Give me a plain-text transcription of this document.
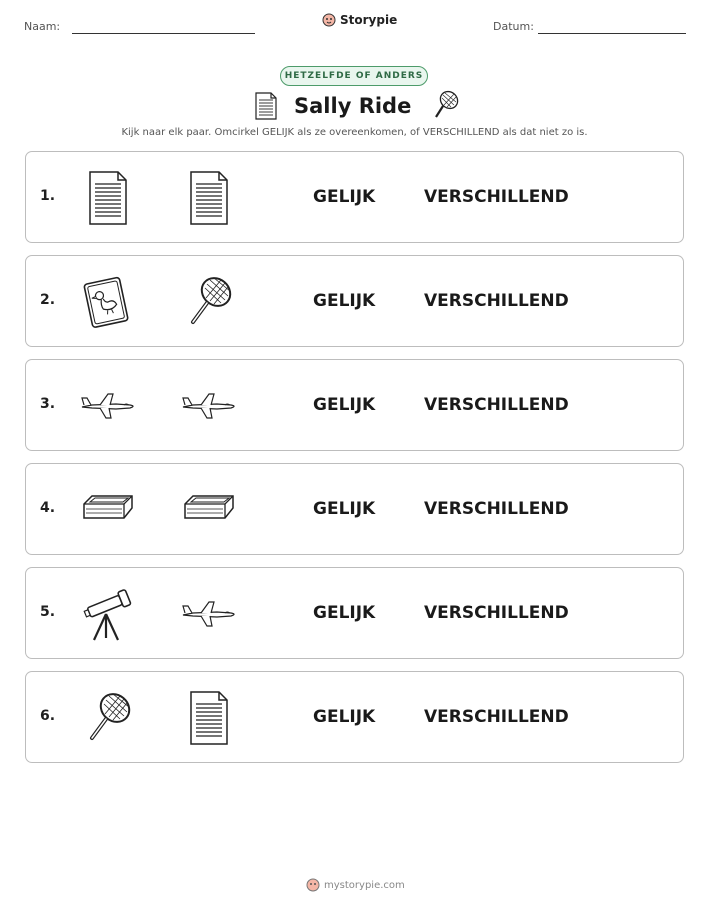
Naam:	Storypie	Datum:
HETZELFDE OF ANDERS
Sally Ride
Kijk naar elk paar. Omcirkel GELIJK als ze overeenkomen, of VERSCHILLEND als dat niet zo is.
1.	GELIJK	VERSCHILLEND
2.	GELIJK	VERSCHILLEND
3.	GELIJK	VERSCHILLEND
4.	GELIJK	VERSCHILLEND
5.	GELIJK	VERSCHILLEND
6.	GELIJK	VERSCHILLEND
mystorypie.com
